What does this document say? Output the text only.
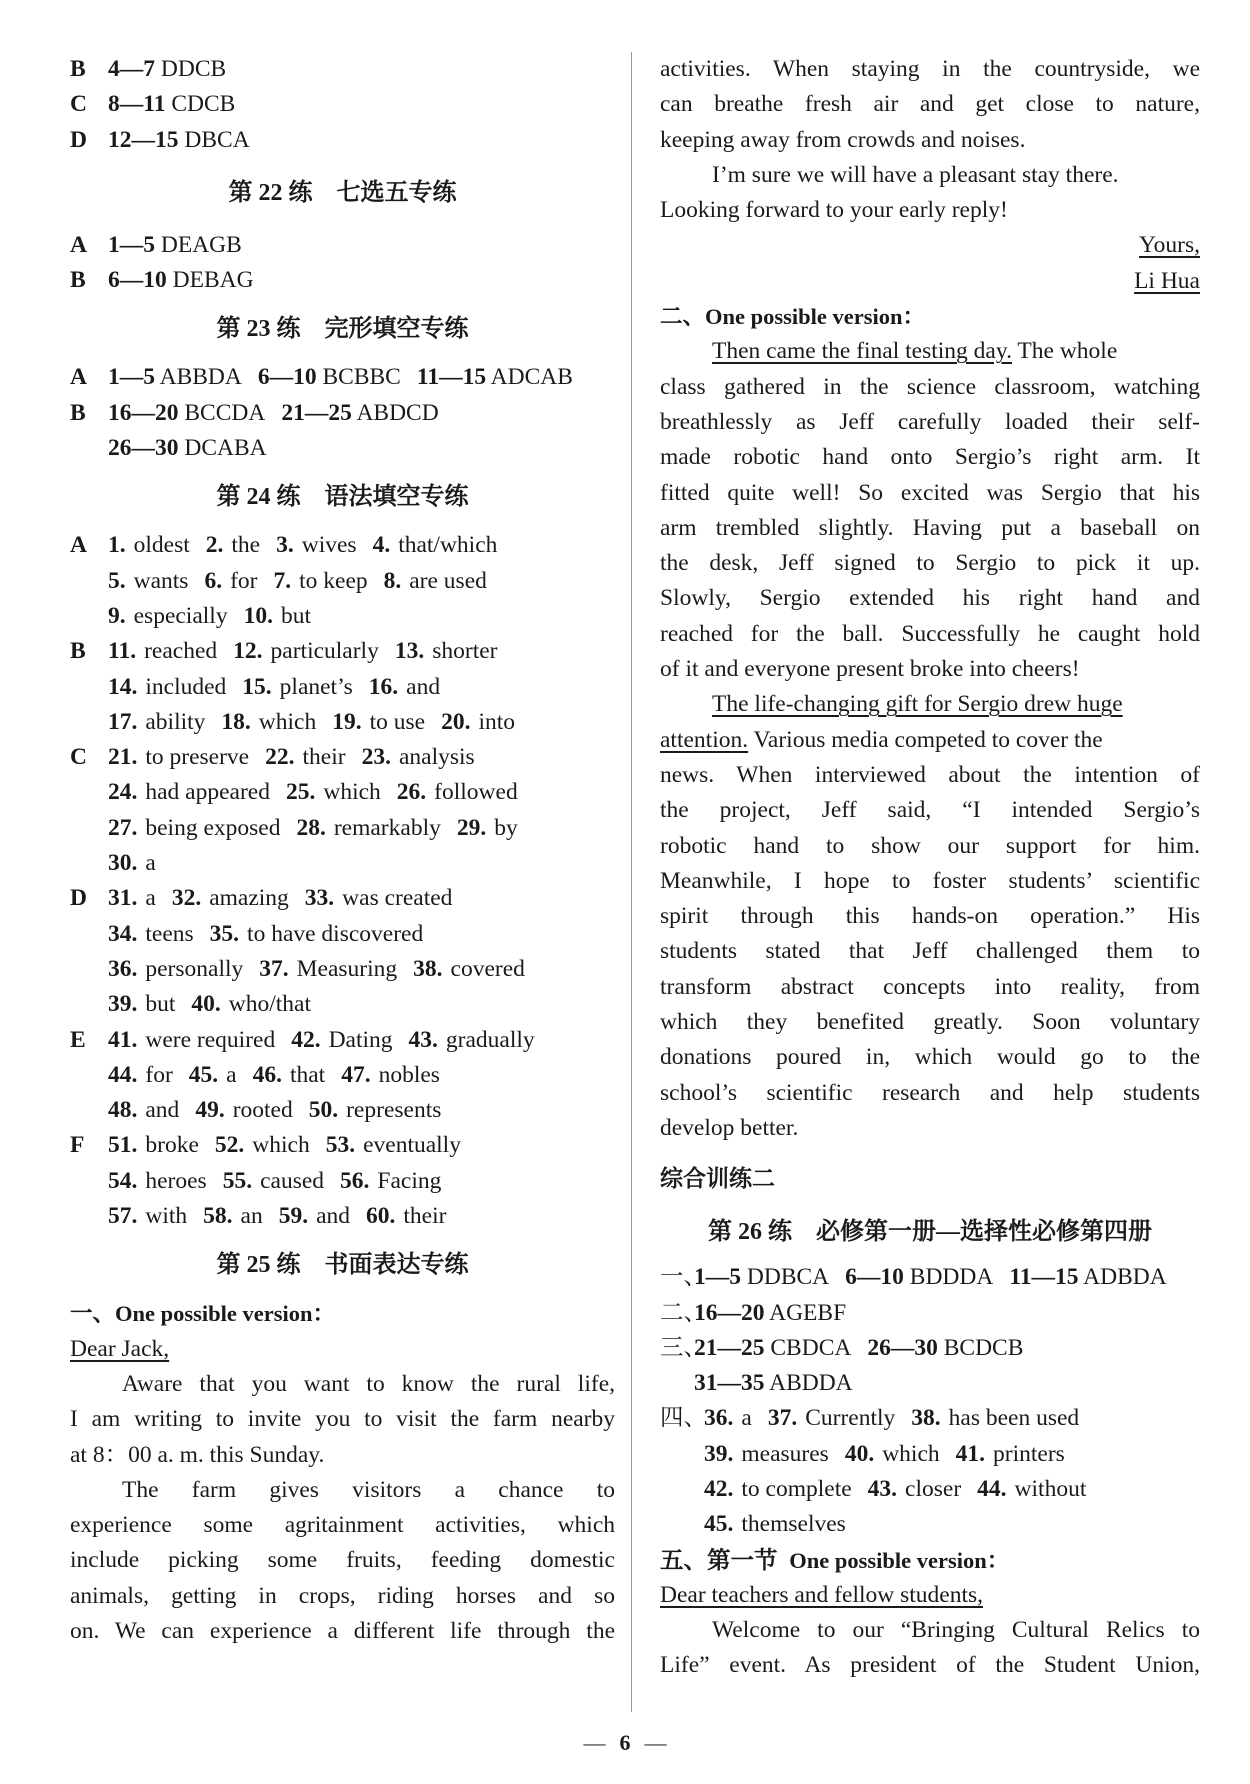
B 4—7 DDCB
C 8—11 CDCB
D 12—15 DBCA
第 22 练　七选五专练
A 1—5 DEAGB
B 6—10 DEBAG
第 23 练　完形填空专练
A 1—5 ABBDA 6—10 BCBBC 11—15 ADCAB
B 16—20 BCCDA 21—25 ABDCD
26—30 DCABA
第 24 练　语法填空专练
A 1. oldest 2. the 3. wives 4. that/which
5. wants 6. for 7. to keep 8. are used
9. especially 10. but
B 11. reached 12. particularly 13. shorter
14. included 15. planet’s 16. and
17. ability 18. which 19. to use 20. into
C 21. to preserve 22. their 23. analysis
24. had appeared 25. which 26. followed
27. being exposed 28. remarkably 29. by
30. a
D 31. a 32. amazing 33. was created
34. teens 35. to have discovered
36. personally 37. Measuring 38. covered
39. but 40. who/that
E 41. were required 42. Dating 43. gradually
44. for 45. a 46. that 47. nobles
48. and 49. rooted 50. represents
F 51. broke 52. which 53. eventually
54. heroes 55. caused 56. Facing
57. with 58. an 59. and 60. their
第 25 练　书面表达专练
一、One possible version：
Dear Jack,
Aware that you want to know the rural life,
I am writing to invite you to visit the farm nearby
at 8：00 a. m. this Sunday.
The farm gives visitors a chance to
experience some agritainment activities, which
include picking some fruits, feeding domestic
animals, getting in crops, riding horses and so
on. We can experience a different life through the
activities. When staying in the countryside, we
can breathe fresh air and get close to nature,
keeping away from crowds and noises.
I’m sure we will have a pleasant stay there.
Looking forward to your early reply!
Yours,
Li Hua
二、One possible version：
Then came the final testing day. The whole
class gathered in the science classroom, watching
breathlessly as Jeff carefully loaded their self-
made robotic hand onto Sergio’s right arm. It
fitted quite well! So excited was Sergio that his
arm trembled slightly. Having put a baseball on
the desk, Jeff signed to Sergio to pick it up.
Slowly, Sergio extended his right hand and
reached for the ball. Successfully he caught hold
of it and everyone present broke into cheers!
The life-changing gift for Sergio drew huge
attention. Various media competed to cover the
news. When interviewed about the intention of
the project, Jeff said, “I intended Sergio’s
robotic hand to show our support for him.
Meanwhile, I hope to foster students’ scientific
spirit through this hands-on operation.” His
students stated that Jeff challenged them to
transform abstract concepts into reality, from
which they benefited greatly. Soon voluntary
donations poured in, which would go to the
school’s scientific research and help students
develop better.
综合训练二
第 26 练　必修第一册—选择性必修第四册
一、1—5 DDBCA 6—10 BDDDA 11—15 ADBDA
二、16—20 AGEBF
三、21—25 CBDCA 26—30 BCDCB
31—35 ABDDA
四、36. a 37. Currently 38. has been used
39. measures 40. which 41. printers
42. to complete 43. closer 44. without
45. themselves
五、第一节 One possible version：
Dear teachers and fellow students,
Welcome to our “Bringing Cultural Relics to
Life” event. As president of the Student Union,
— 6 —
